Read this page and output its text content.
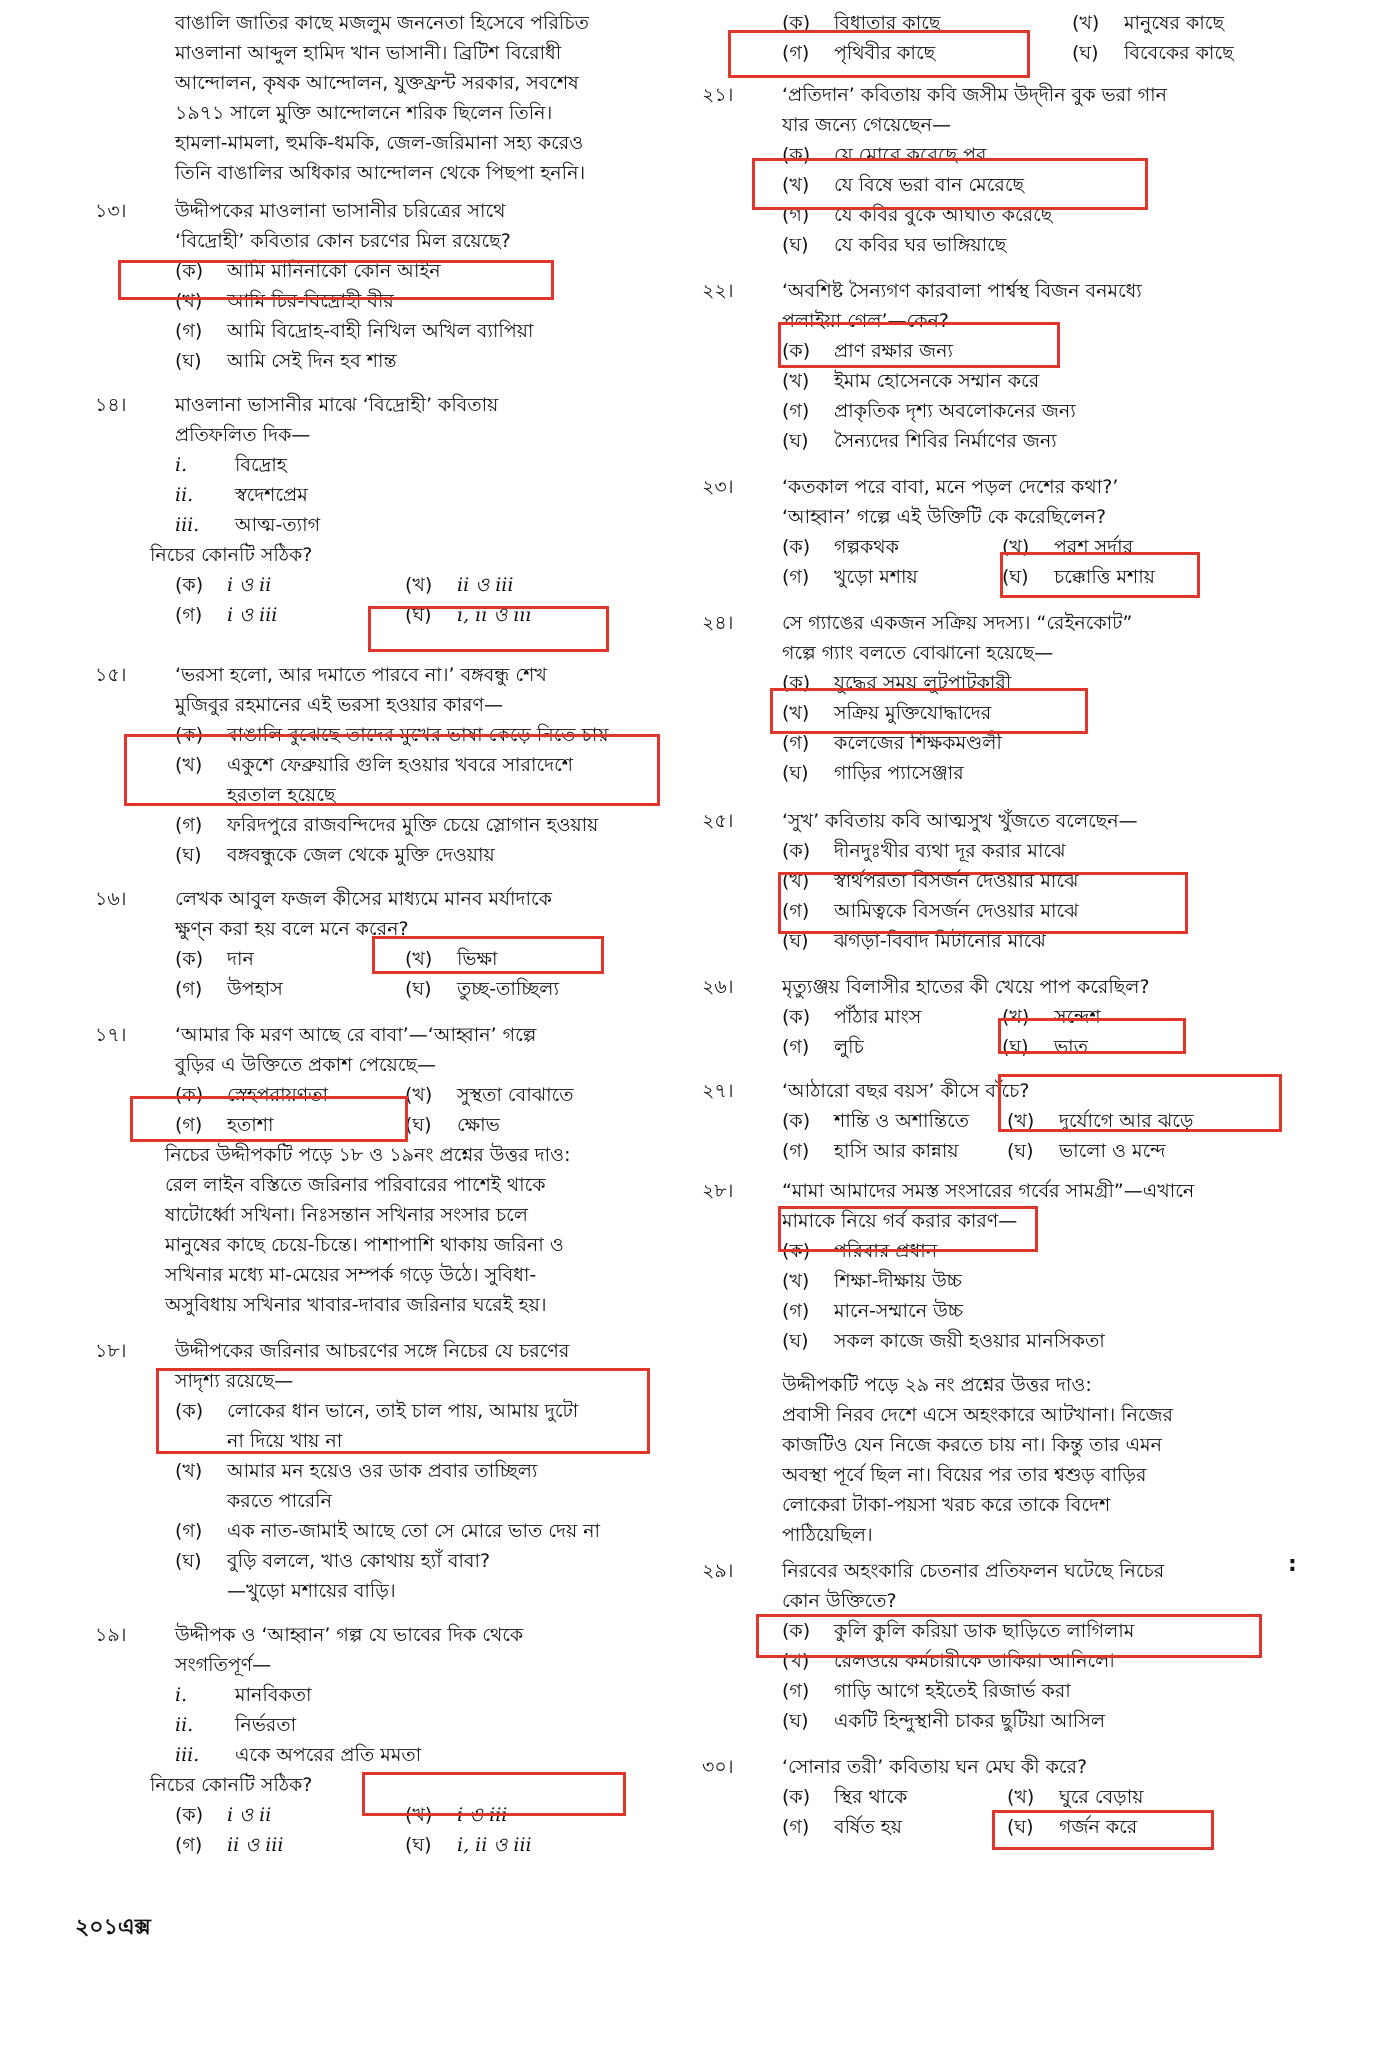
বাঙালি জাতির কাছে মজলুম জননেতা হিসেবে পরিচিত
মাওলানা আব্দুল হামিদ খান ভাসানী। ব্রিটিশ বিরোধী
আন্দোলন, কৃষক আন্দোলন, যুক্তফ্রন্ট সরকার, সবশেষ
১৯৭১ সালে মুক্তি আন্দোলনে শরিক ছিলেন তিনি।
হামলা-মামলা, হুমকি-ধমকি, জেল-জরিমানা সহ্য করেও
তিনি বাঙালির অধিকার আন্দোলন থেকে পিছপা হননি।
১৩।	উদ্দীপকের মাওলানা ভাসানীর চরিত্রের সাথে
‘বিদ্রোহী’ কবিতার কোন চরণের মিল রয়েছে?
(ক) আমি মানিনাকো কোন আইন
(খ) আমি চির-বিদ্রোহী বীর
(গ) আমি বিদ্রোহ-বাহী নিখিল অখিল ব্যাপিয়া
(ঘ) আমি সেই দিন হব শান্ত
১৪।	মাওলানা ভাসানীর মাঝে ‘বিদ্রোহী’ কবিতায়
প্রতিফলিত দিক—
i.	বিদ্রোহ
ii. স্বদেশপ্রেম
iii. আত্ম-ত্যাগ
নিচের কোনটি সঠিক?
(ক) i ও ii	(খ) ii ও iii
(গ) i ও iii	(ঘ) i, ii ও iii
১৫।	‘ভরসা হলো, আর দমাতে পারবে না।’ বঙ্গবন্ধু শেখ
মুজিবুর রহমানের এই ভরসা হওয়ার কারণ—
(ক) বাঙালি বুঝেছে তাদের মুখের ভাষা কেড়ে নিতে চায়
(খ) একুশে ফেব্রুয়ারি গুলি হওয়ার খবরে সারাদেশে
হরতাল হয়েছে
(গ) ফরিদপুরে রাজবন্দিদের মুক্তি চেয়ে স্লোগান হওয়ায়
(ঘ) বঙ্গবন্ধুকে জেল থেকে মুক্তি দেওয়ায়
১৬।	লেখক আবুল ফজল কীসের মাধ্যমে মানব মর্যাদাকে
ক্ষুণ্ন করা হয় বলে মনে করেন?
(ক) দান	(খ) ভিক্ষা
(গ) উপহাস	(ঘ) তুচ্ছ-তাচ্ছিল্য
১৭।	‘আমার কি মরণ আছে রে বাবা’—‘আহ্বান’ গল্পে
বুড়ির এ উক্তিতে প্রকাশ পেয়েছে—
(ক) স্নেহপরায়ণতা	(খ) সুস্থতা বোঝাতে
(গ) হতাশা	(ঘ) ক্ষোভ
নিচের উদ্দীপকটি পড়ে ১৮ ও ১৯নং প্রশ্নের উত্তর দাও:
রেল লাইন বস্তিতে জরিনার পরিবারের পাশেই থাকে
ষাটোর্ধ্বো সখিনা। নিঃসন্তান সখিনার সংসার চলে
মানুষের কাছে চেয়ে-চিন্তে। পাশাপাশি থাকায় জরিনা ও
সখিনার মধ্যে মা-মেয়ের সম্পর্ক গড়ে উঠে। সুবিধা-
অসুবিধায় সখিনার খাবার-দাবার জরিনার ঘরেই হয়।
১৮।	উদ্দীপকের জরিনার আচরণের সঙ্গে নিচের যে চরণের
সাদৃশ্য রয়েছে—
(ক) লোকের ধান ভানে, তাই চাল পায়, আমায় দুটো
না দিয়ে খায় না
(খ) আমার মন হয়েও ওর ডাক প্রবার তাচ্ছিল্য
করতে পারেনি
(গ) এক নাত-জামাই আছে তো সে মোরে ভাত দেয় না
(ঘ) বুড়ি বললে, খাও কোথায় হ্যাঁ বাবা?
—খুড়ো মশায়ের বাড়ি।
১৯।	উদ্দীপক ও ‘আহ্বান’ গল্প যে ভাবের দিক থেকে
সংগতিপূর্ণ—
i.	মানবিকতা
ii. নির্ভরতা
iii. একে অপরের প্রতি মমতা
নিচের কোনটি সঠিক?
(ক) i ও ii	(খ) i ও iii
(গ) ii ও iii	(ঘ) i, ii ও iii
(ক) বিধাতার কাছে	(খ) মানুষের কাছে
(গ) পৃথিবীর কাছে	(ঘ) বিবেকের কাছে
২১।	‘প্রতিদান’ কবিতায় কবি জসীম উদ্‌দীন বুক ভরা গান
যার জন্যে গেয়েছেন—
(ক) যে মোরে করেছে পর
(খ) যে বিষে ভরা বান মেরেছে
(গ) যে কবির বুকে আঘাত করেছে
(ঘ) যে কবির ঘর ভাঙ্গিয়াছে
২২।	‘অবশিষ্ট সৈন্যগণ কারবালা পার্শ্বস্থ বিজন বনমধ্যে
পলাইয়া গেল’—কেন?
(ক) প্রাণ রক্ষার জন্য
(খ) ইমাম হোসেনকে সম্মান করে
(গ) প্রাকৃতিক দৃশ্য অবলোকনের জন্য
(ঘ) সৈন্যদের শিবির নির্মাণের জন্য
২৩।	‘কতকাল পরে বাবা, মনে পড়ল দেশের কথা?’
‘আহ্বান’ গল্পে এই উক্তিটি কে করেছিলেন?
(ক) গল্পকথক	(খ) পরশ সর্দার
(গ) খুড়ো মশায়	(ঘ) চক্কোত্তি মশায়
২৪।	সে গ্যাঙের একজন সক্রিয় সদস্য। “রেইনকোট”
গল্পে গ্যাং বলতে বোঝানো হয়েছে—
(ক) যুদ্ধের সময় লুটপাটকারী
(খ) সক্রিয় মুক্তিযোদ্ধাদের
(গ) কলেজের শিক্ষকমণ্ডলী
(ঘ) গাড়ির প্যাসেঞ্জার
২৫।	‘সুখ’ কবিতায় কবি আত্মসুখ খুঁজতে বলেছেন—
(ক) দীনদুঃখীর ব্যথা দূর করার মাঝে
(খ) স্বার্থপরতা বিসর্জন দেওয়ার মাঝে
(গ) আমিত্বকে বিসর্জন দেওয়ার মাঝে
(ঘ) ঝগড়া-বিবাদ মিটানোর মাঝে
২৬।	মৃত্যুঞ্জয় বিলাসীর হাতের কী খেয়ে পাপ করেছিল?
(ক) পাঁঠার মাংস	(খ) সন্দেশ
(গ) লুচি	(ঘ) ভাত
২৭।	‘আঠারো বছর বয়স’ কীসে বাঁচে?
(ক) শান্তি ও অশান্তিতে	(খ) দুর্যোগে আর ঝড়ে
(গ) হাসি আর কান্নায়	(ঘ) ভালো ও মন্দে
২৮।	“মামা আমাদের সমস্ত সংসারের গর্বের সামগ্রী”—এখানে
মামাকে নিয়ে গর্ব করার কারণ—
(ক) পরিবার প্রধান
(খ) শিক্ষা-দীক্ষায় উচ্চ
(গ) মানে-সম্মানে উচ্চ
(ঘ) সকল কাজে জয়ী হওয়ার মানসিকতা
উদ্দীপকটি পড়ে ২৯ নং প্রশ্নের উত্তর দাও:
প্রবাসী নিরব দেশে এসে অহংকারে আটখানা। নিজের
কাজটিও যেন নিজে করতে চায় না। কিন্তু তার এমন
অবস্থা পূর্বে ছিল না। বিয়ের পর তার শ্বশুড় বাড়ির
লোকেরা টাকা-পয়সা খরচ করে তাকে বিদেশ
পাঠিয়েছিল।
২৯।	নিরবের অহংকারি চেতনার প্রতিফলন ঘটেছে নিচের
কোন উক্তিতে?
(ক) কুলি কুলি করিয়া ডাক ছাড়িতে লাগিলাম
(খ) রেলওয়ে কর্মচারীকে ডাকিয়া আনিলো
(গ) গাড়ি আগে হইতেই রিজার্ভ করা
(ঘ) একটি হিন্দুস্থানী চাকর ছুটিয়া আসিল
৩০।	‘সোনার তরী’ কবিতায় ঘন মেঘ কী করে?
(ক) স্থির থাকে	(খ) ঘুরে বেড়ায়
(গ) বর্ষিত হয়	(ঘ) গর্জন করে
:
২০১এক্স
